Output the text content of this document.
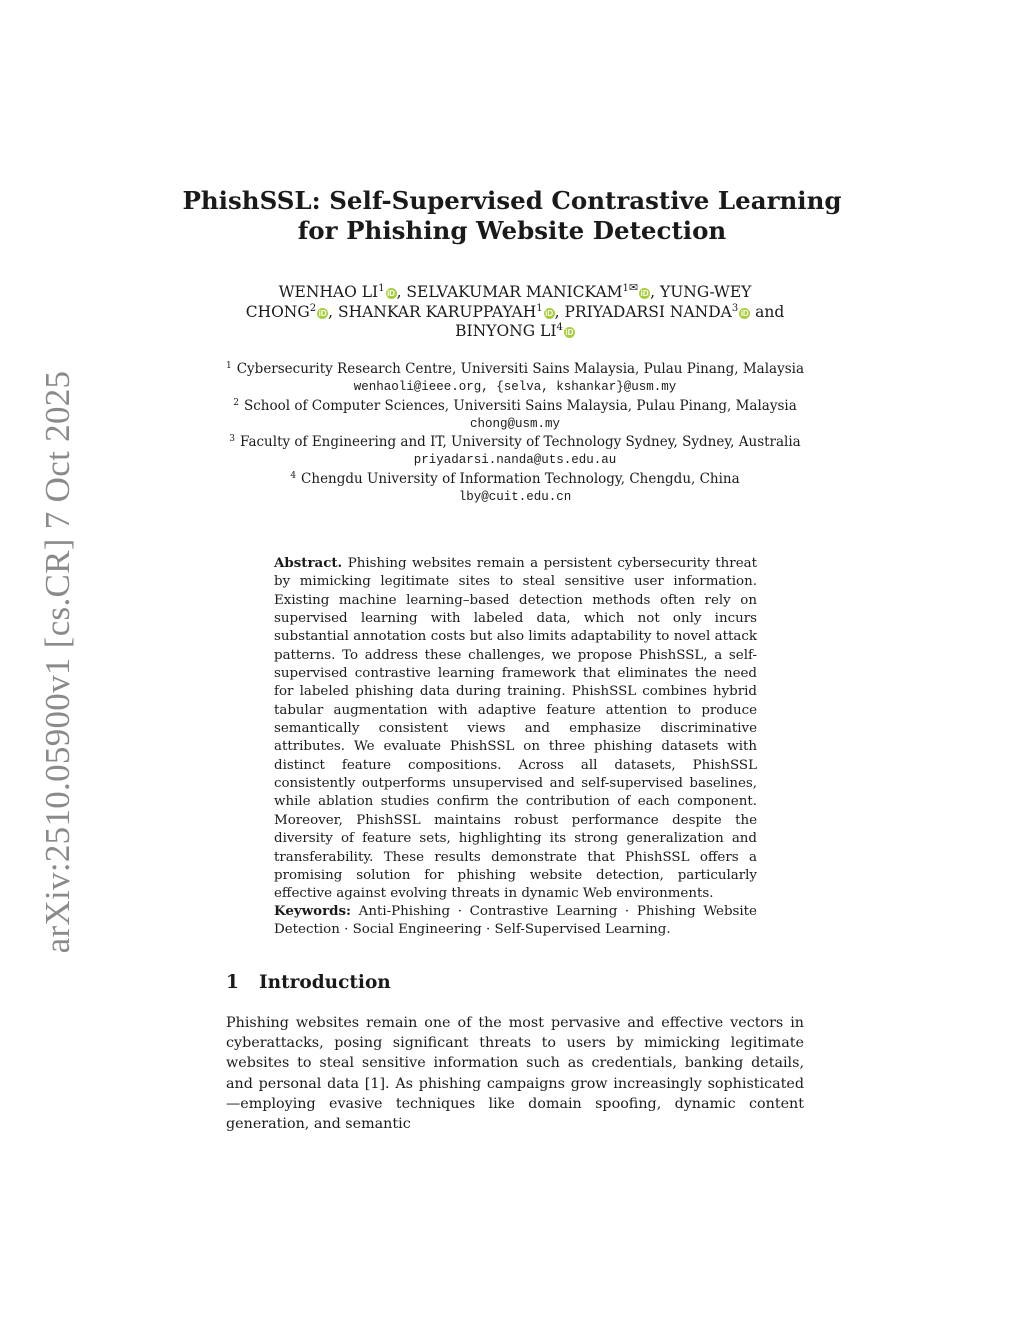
arXiv:2510.05900v1 [cs.CR] 7 Oct 2025
PhishSSL: Self-Supervised Contrastive Learning
for Phishing Website Detection
WENHAO $LI^1$ iD, SELVAKUMAR $MANICKAM^{1✉}$ iD, YUNG-WEY
CHONG$^2$ iD, SHANKAR KARUPPAYAH$^1$ iD, PRIYADARSI NANDA$^3$ iD and
BINYONG $LI^4$ iD
$^1$ Cybersecurity Research Centre, Universiti Sains Malaysia, Pulau Pinang, Malaysia
wenhaoli@ieee.org, {selva, kshankar}@usm.my
$^2$ School of Computer Sciences, Universiti Sains Malaysia, Pulau Pinang, Malaysia
chong@usm.my
$^3$ Faculty of Engineering and IT, University of Technology Sydney, Sydney, Australia
priyadarsi.nanda@uts.edu.au
$^4$ Chengdu University of Information Technology, Chengdu, China
lby@cuit.edu.cn
Abstract. Phishing websites remain a persistent cybersecurity threat by mimicking legitimate sites to steal sensitive user information. Existing machine learning–based detection methods often rely on supervised learning with labeled data, which not only incurs substantial annotation costs but also limits adaptability to novel attack patterns. To address these challenges, we propose PhishSSL, a self-supervised contrastive learning framework that eliminates the need for labeled phishing data during training. PhishSSL combines hybrid tabular augmentation with adaptive feature attention to produce semantically consistent views and emphasize discriminative attributes. We evaluate PhishSSL on three phishing datasets with distinct feature compositions. Across all datasets, PhishSSL consistently outperforms unsupervised and self-supervised baselines, while ablation studies confirm the contribution of each component. Moreover, PhishSSL maintains robust performance despite the diversity of feature sets, highlighting its strong generalization and transferability. These results demonstrate that PhishSSL offers a promising solution for phishing website detection, particularly effective against evolving threats in dynamic Web environments.
Keywords: Anti-Phishing · Contrastive Learning · Phishing Website Detection · Social Engineering · Self-Supervised Learning.
1 Introduction
Phishing websites remain one of the most pervasive and effective vectors in cyberattacks, posing significant threats to users by mimicking legitimate websites to steal sensitive information such as credentials, banking details, and personal data [1]. As phishing campaigns grow increasingly sophisticated—employing evasive techniques like domain spoofing, dynamic content generation, and semantic
